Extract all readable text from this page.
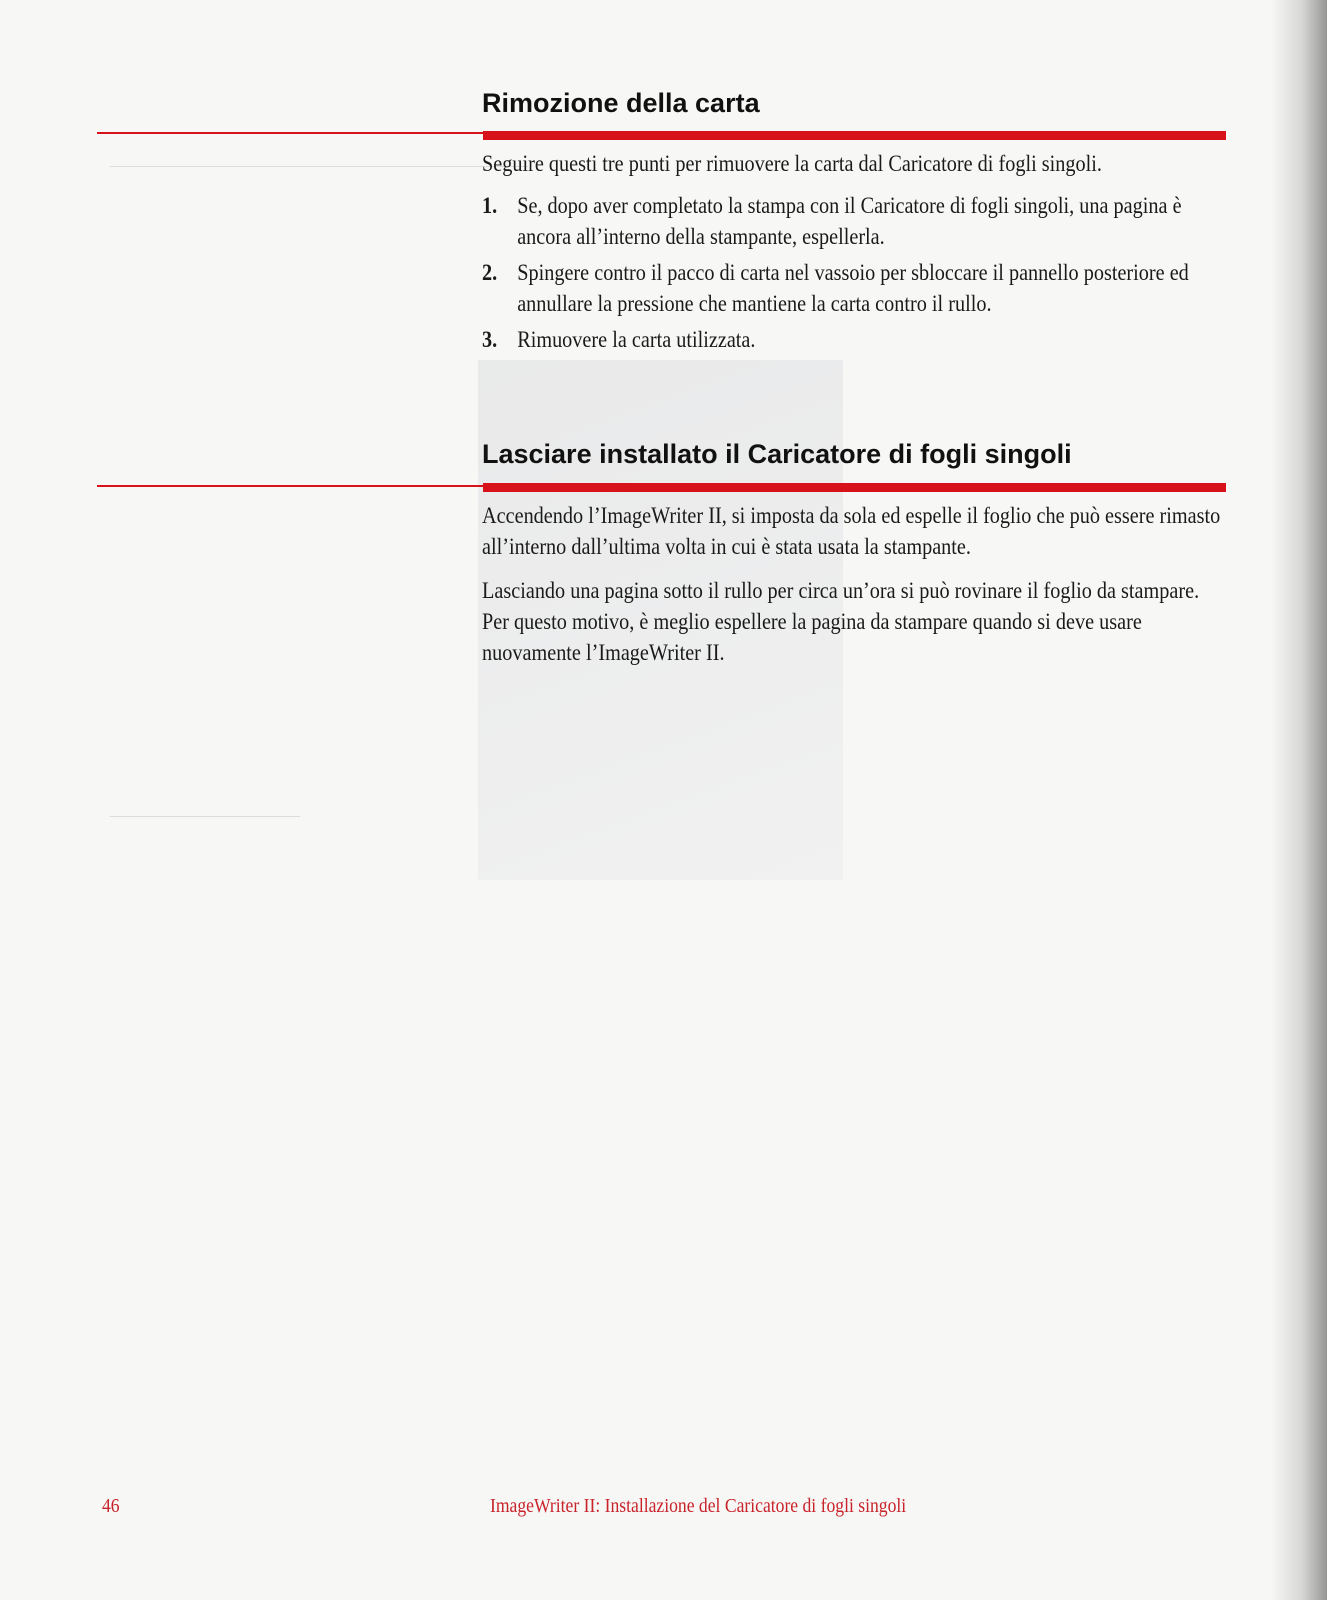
——————————————————————
——————————
Rimozione della carta

Seguire questi tre punti per rimuovere la carta dal Caricatore di fogli singoli.

1. Se, dopo aver completato la stampa con il Caricatore di fogli singoli, una pagina è ancora all’interno della stampante, espellerla.
2. Spingere contro il pacco di carta nel vassoio per sbloccare il pannello posteriore ed annullare la pressione che mantiene la carta contro il rullo.
3. Rimuovere la carta utilizzata.
Lasciare installato il Caricatore di fogli singoli

Accendendo l’ImageWriter II, si imposta da sola ed espelle il foglio che può essere rimasto all’interno dall’ultima volta in cui è stata usata la stampante.

Lasciando una pagina sotto il rullo per circa un’ora si può rovinare il foglio da stampare. Per questo motivo, è meglio espellere la pagina da stampare quando si deve usare nuovamente l’ImageWriter II.

46	ImageWriter II: Installazione del Caricatore di fogli singoli
